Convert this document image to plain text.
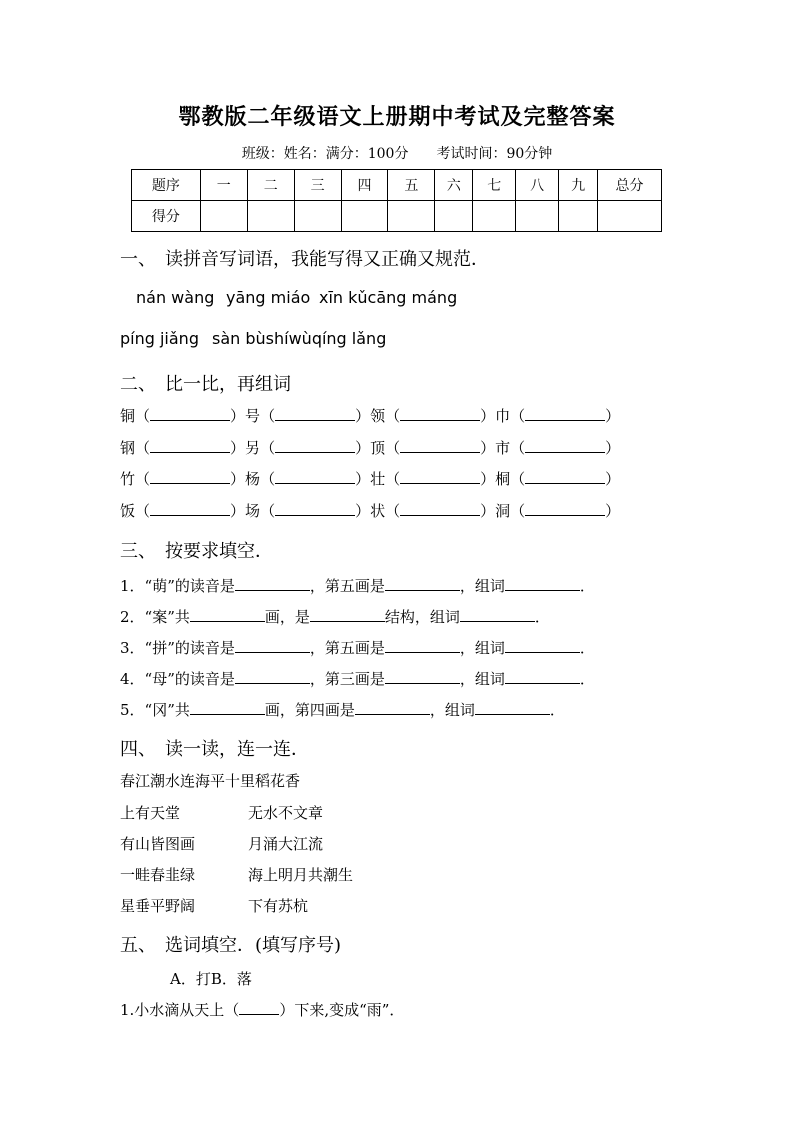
鄂教版二年级语文上册期中考试及完整答案
班级：姓名：满分：100分　　考试时间：90分钟
题序	一	二	三	四	五	六	七	八	九	总分
得分										
一、　读拼音写词语，我能写得又正确又规范．
nán wàng yāng miáo xīn kǔcāng máng
píng jiǎng sàn bùshíwùqíng lǎng
二、　比一比，再组词
铜（	）号（	）领（	）巾（	）
钢（	）另（	）顶（	）市（	）
竹（	）杨（	）壮（	）桐（	）
饭（	）场（	）状（	）洞（	）
三、　按要求填空．
1．“萌”的读音是	，第五画是	，组词	．
2．“案”共	画，是	结构，组词	．
3．“拼”的读音是	，第五画是	，组词	．
4．“母”的读音是	，第三画是	，组词	．
5．“冈”共	画，第四画是	，组词	．
四、　读一读，连一连．
春江潮水连海平十里稻花香
上有天堂	无水不文章
有山皆图画	月涌大江流
一畦春韭绿	海上明月共潮生
星垂平野阔	下有苏杭
五、　选词填空．(填写序号)
A．打B．落
1.小水滴从天上（	）下来,变成“雨”．
